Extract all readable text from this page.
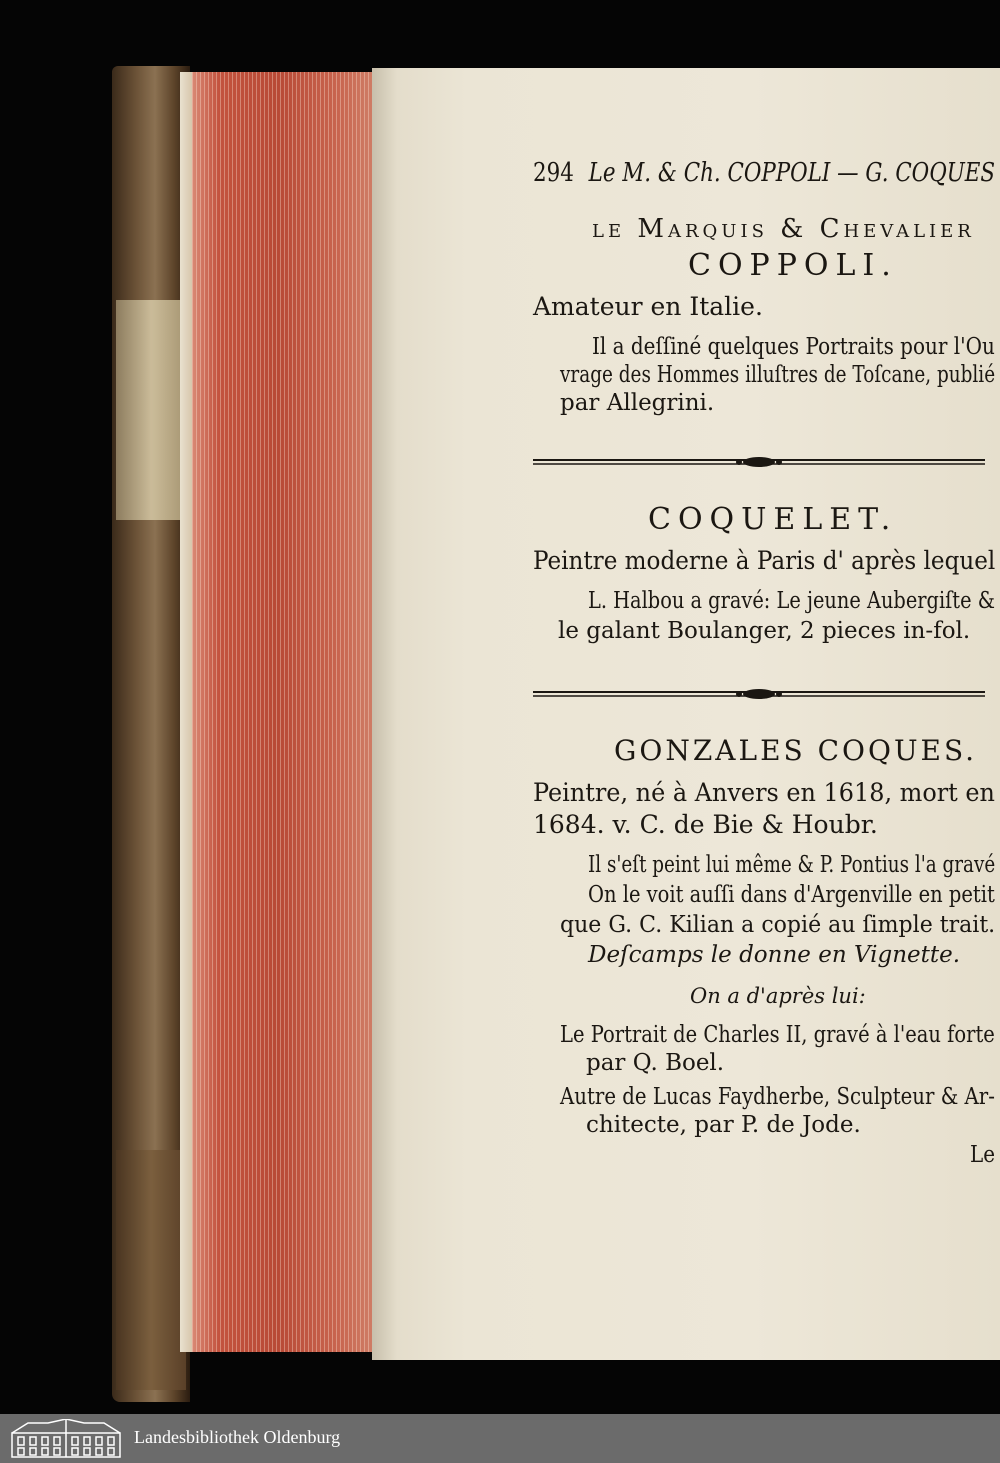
294 Le M. & Ch. COPPOLI — G. COQUES
le Marquis & Chevalier
COPPOLI.
Amateur en Italie.
Il a deſſiné quelques Portraits pour l'Ou
vrage des Hommes illuſtres de Toſcane, publié
par Allegrini.
COQUELET.
Peintre moderne à Paris d' après lequel
L. Halbou a gravé: Le jeune Aubergiſte &
le galant Boulanger, 2 pieces in-fol.
GONZALES COQUES.
Peintre, né à Anvers en 1618, mort en
1684. v. C. de Bie & Houbr.
Il s'eſt peint lui même & P. Pontius l'a gravé
On le voit auſſi dans d'Argenville en petit
que G. C. Kilian a copié au ſimple trait.
Deſcamps le donne en Vignette.
On a d'après lui:
Le Portrait de Charles II, gravé à l'eau forte
par Q. Boel.
Autre de Lucas Faydherbe, Sculpteur & Ar-
chitecte, par P. de Jode.
Le
Landesbibliothek Oldenburg
